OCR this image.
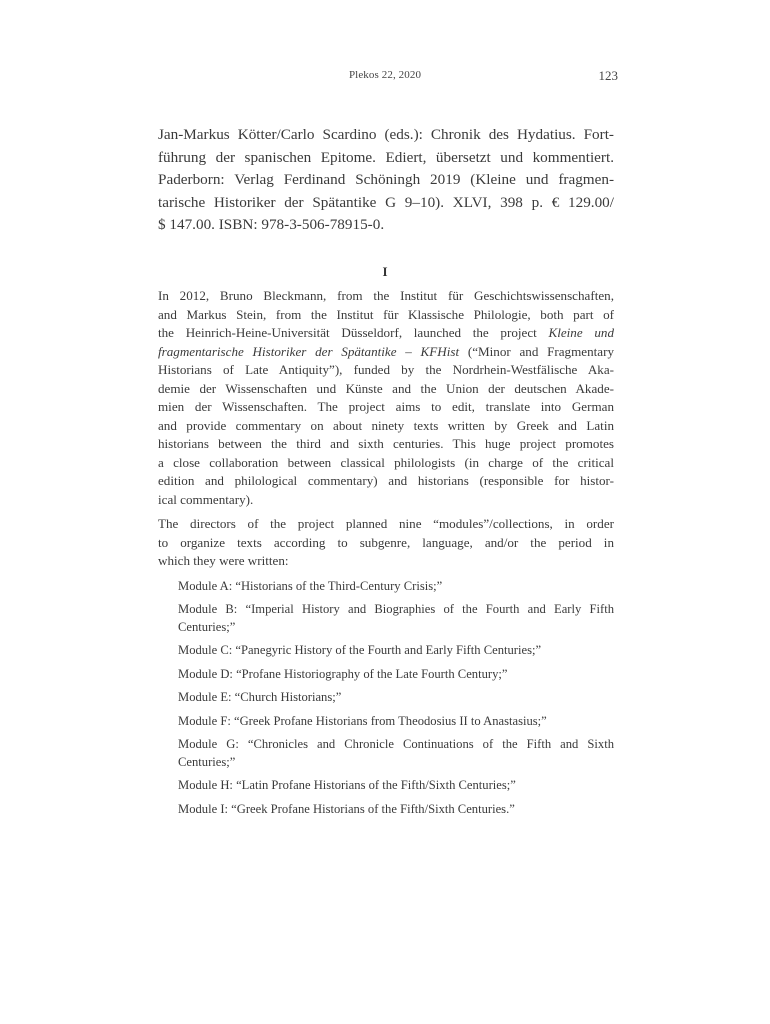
Plekos 22, 2020	123
Jan-Markus Kötter/Carlo Scardino (eds.): Chronik des Hydatius. Fort-
führung der spanischen Epitome. Ediert, übersetzt und kommentiert.
Paderborn: Verlag Ferdinand Schöningh 2019 (Kleine und fragmen-
tarische Historiker der Spätantike G 9–10). XLVI, 398 p. € 129.00/
$ 147.00. ISBN: 978-3-506-78915-0.
I

In 2012, Bruno Bleckmann, from the Institut für Geschichtswissenschaften,
and Markus Stein, from the Institut für Klassische Philologie, both part of
the Heinrich-Heine-Universität Düsseldorf, launched the project Kleine und
fragmentarische Historiker der Spätantike – KFHist (“Minor and Fragmentary
Historians of Late Antiquity”), funded by the Nordrhein-Westfälische Aka-
demie der Wissenschaften und Künste and the Union der deutschen Akade-
mien der Wissenschaften. The project aims to edit, translate into German
and provide commentary on about ninety texts written by Greek and Latin
historians between the third and sixth centuries. This huge project promotes
a close collaboration between classical philologists (in charge of the critical
edition and philological commentary) and historians (responsible for histor-
ical commentary).

The directors of the project planned nine “modules”/collections, in order
to organize texts according to subgenre, language, and/or the period in
which they were written:

Module A: “Historians of the Third-Century Crisis;”

Module B: “Imperial History and Biographies of the Fourth and Early Fifth
Centuries;”

Module C: “Panegyric History of the Fourth and Early Fifth Centuries;”

Module D: “Profane Historiography of the Late Fourth Century;”

Module E: “Church Historians;”

Module F: “Greek Profane Historians from Theodosius II to Anastasius;”

Module G: “Chronicles and Chronicle Continuations of the Fifth and Sixth
Centuries;”

Module H: “Latin Profane Historians of the Fifth/Sixth Centuries;”

Module I: “Greek Profane Historians of the Fifth/Sixth Centuries.”
